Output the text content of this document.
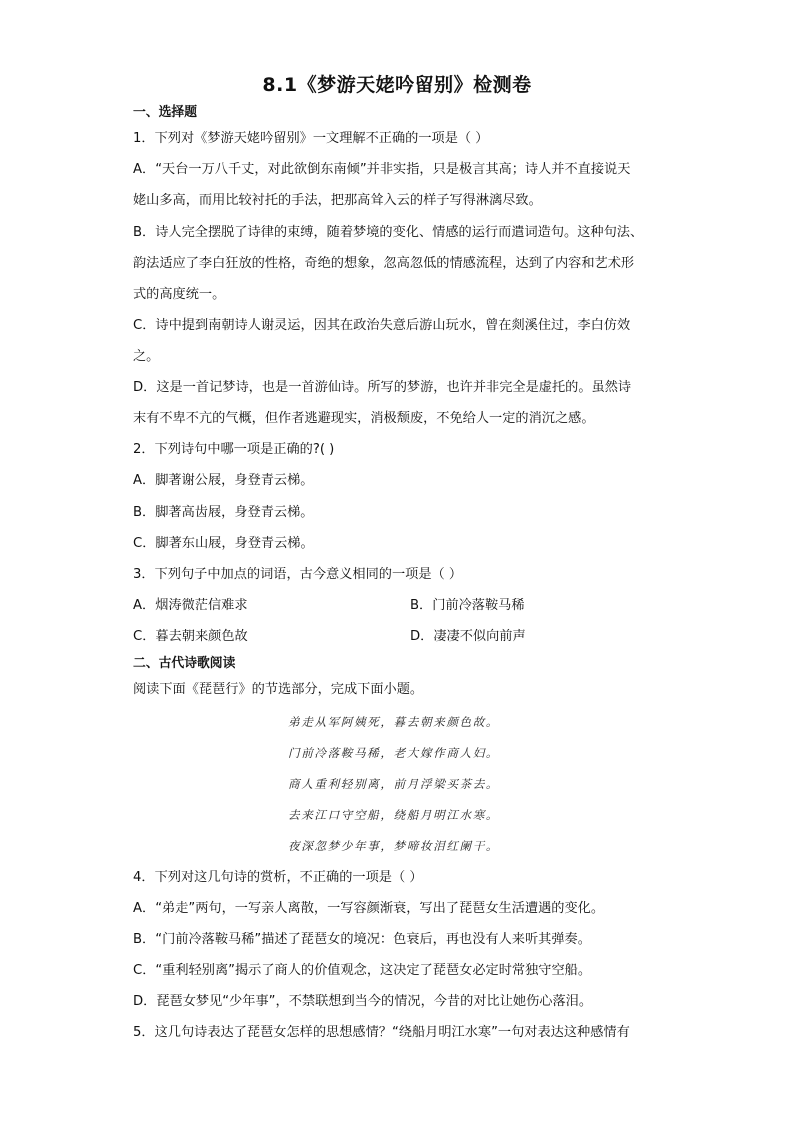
8.1《梦游天姥吟留别》检测卷
一、选择题
1．下列对《梦游天姥吟留别》一文理解不正确的一项是（ ）
A．“天台一万八千丈，对此欲倒东南倾”并非实指，只是极言其高；诗人并不直接说天
姥山多高，而用比较衬托的手法，把那高耸入云的样子写得淋漓尽致。
B．诗人完全摆脱了诗律的束缚，随着梦境的变化、情感的运行而遣词造句。这种句法、
韵法适应了李白狂放的性格，奇绝的想象，忽高忽低的情感流程，达到了内容和艺术形
式的高度统一。
C．诗中提到南朝诗人谢灵运，因其在政治失意后游山玩水，曾在剡溪住过，李白仿效
之。
D．这是一首记梦诗，也是一首游仙诗。所写的梦游，也许并非完全是虚托的。虽然诗
末有不卑不亢的气概，但作者逃避现实，消极颓废，不免给人一定的消沉之感。
2．下列诗句中哪一项是正确的?( )
A．脚著谢公屐，身登青云梯。
B．脚著高齿屐，身登青云梯。
C．脚著东山屐，身登青云梯。
3．下列句子中加点的词语，古今意义相同的一项是（ ）
A．烟涛微茫信难求	B．门前冷落鞍马稀
C．暮去朝来颜色故	D．凄凄不似向前声
二、古代诗歌阅读
阅读下面《琵琶行》的节选部分，完成下面小题。
弟走从军阿姨死，暮去朝来颜色故。
门前冷落鞍马稀，老大嫁作商人妇。
商人重利轻别离，前月浮梁买茶去。
去来江口守空船，绕船月明江水寒。
夜深忽梦少年事，梦啼妆泪红阑干。
4．下列对这几句诗的赏析，不正确的一项是（ ）
A．“弟走”两句，一写亲人离散，一写容颜渐衰，写出了琵琶女生活遭遇的变化。
B．“门前冷落鞍马稀”描述了琵琶女的境况：色衰后，再也没有人来听其弹奏。
C．“重利轻别离”揭示了商人的价值观念，这决定了琵琶女必定时常独守空船。
D．琵琶女梦见“少年事”，不禁联想到当今的情况，今昔的对比让她伤心落泪。
5．这几句诗表达了琵琶女怎样的思想感情？“绕船月明江水寒”一句对表达这种感情有
